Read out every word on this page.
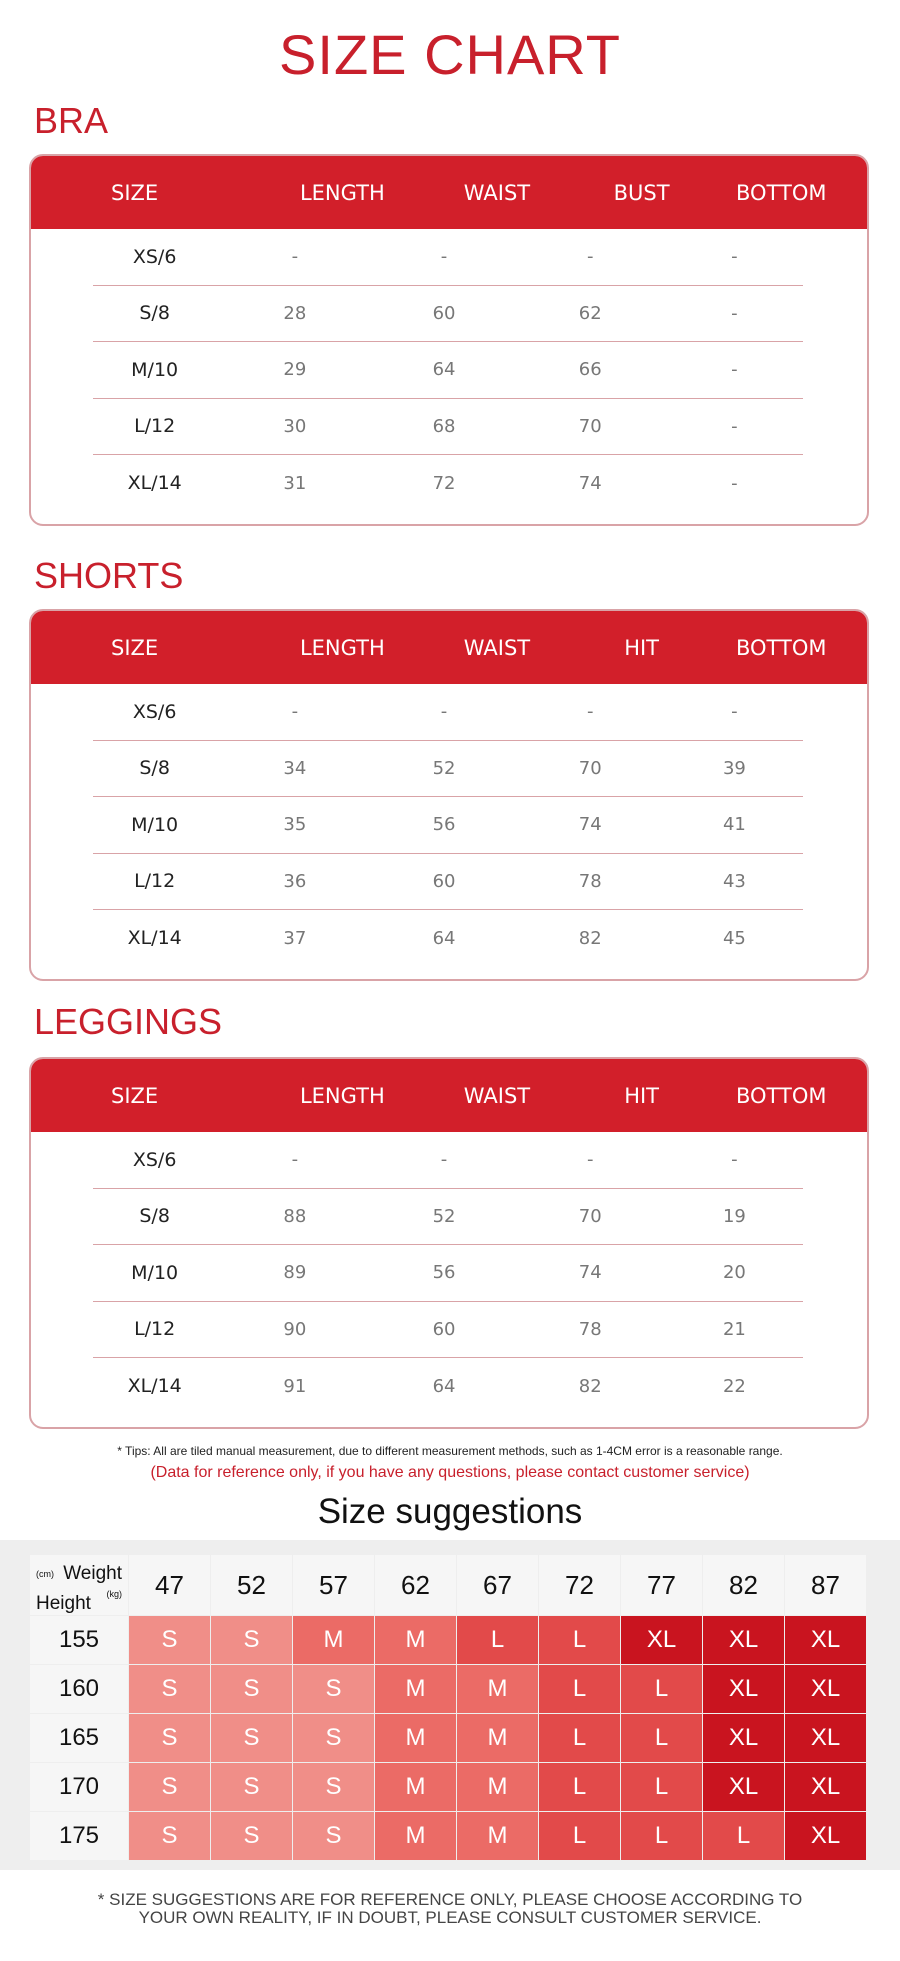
SIZE CHART
BRA
SIZE	LENGTH	WAIST	BUST	BOTTOM
XS/6	-	-	-	-
S/8	28	60	62	-
M/10	29	64	66	-
L/12	30	68	70	-
XL/14	31	72	74	-
SHORTS
SIZE	LENGTH	WAIST	HIT	BOTTOM
XS/6	-	-	-	-
S/8	34	52	70	39
M/10	35	56	74	41
L/12	36	60	78	43
XL/14	37	64	82	45
LEGGINGS
SIZE	LENGTH	WAIST	HIT	BOTTOM
XS/6	-	-	-	-
S/8	88	52	70	19
M/10	89	56	74	20
L/12	90	60	78	21
XL/14	91	64	82	22
* Tips: All are tiled manual measurement, due to different measurement methods, such as 1-4CM error is a reasonable range.
(Data for reference only, if you have any questions, please contact customer service)
Size suggestions
(cm) Weight
(kg)
Height
47	52	57	62	67	72	77	82	87
155	S	S	M	M	L	L	XL	XL	XL
160	S	S	S	M	M	L	L	XL	XL
165	S	S	S	M	M	L	L	XL	XL
170	S	S	S	M	M	L	L	XL	XL
175	S	S	S	M	M	L	L	L	XL
* SIZE SUGGESTIONS ARE FOR REFERENCE ONLY, PLEASE CHOOSE ACCORDING TO
YOUR OWN REALITY, IF IN DOUBT, PLEASE CONSULT CUSTOMER SERVICE.
